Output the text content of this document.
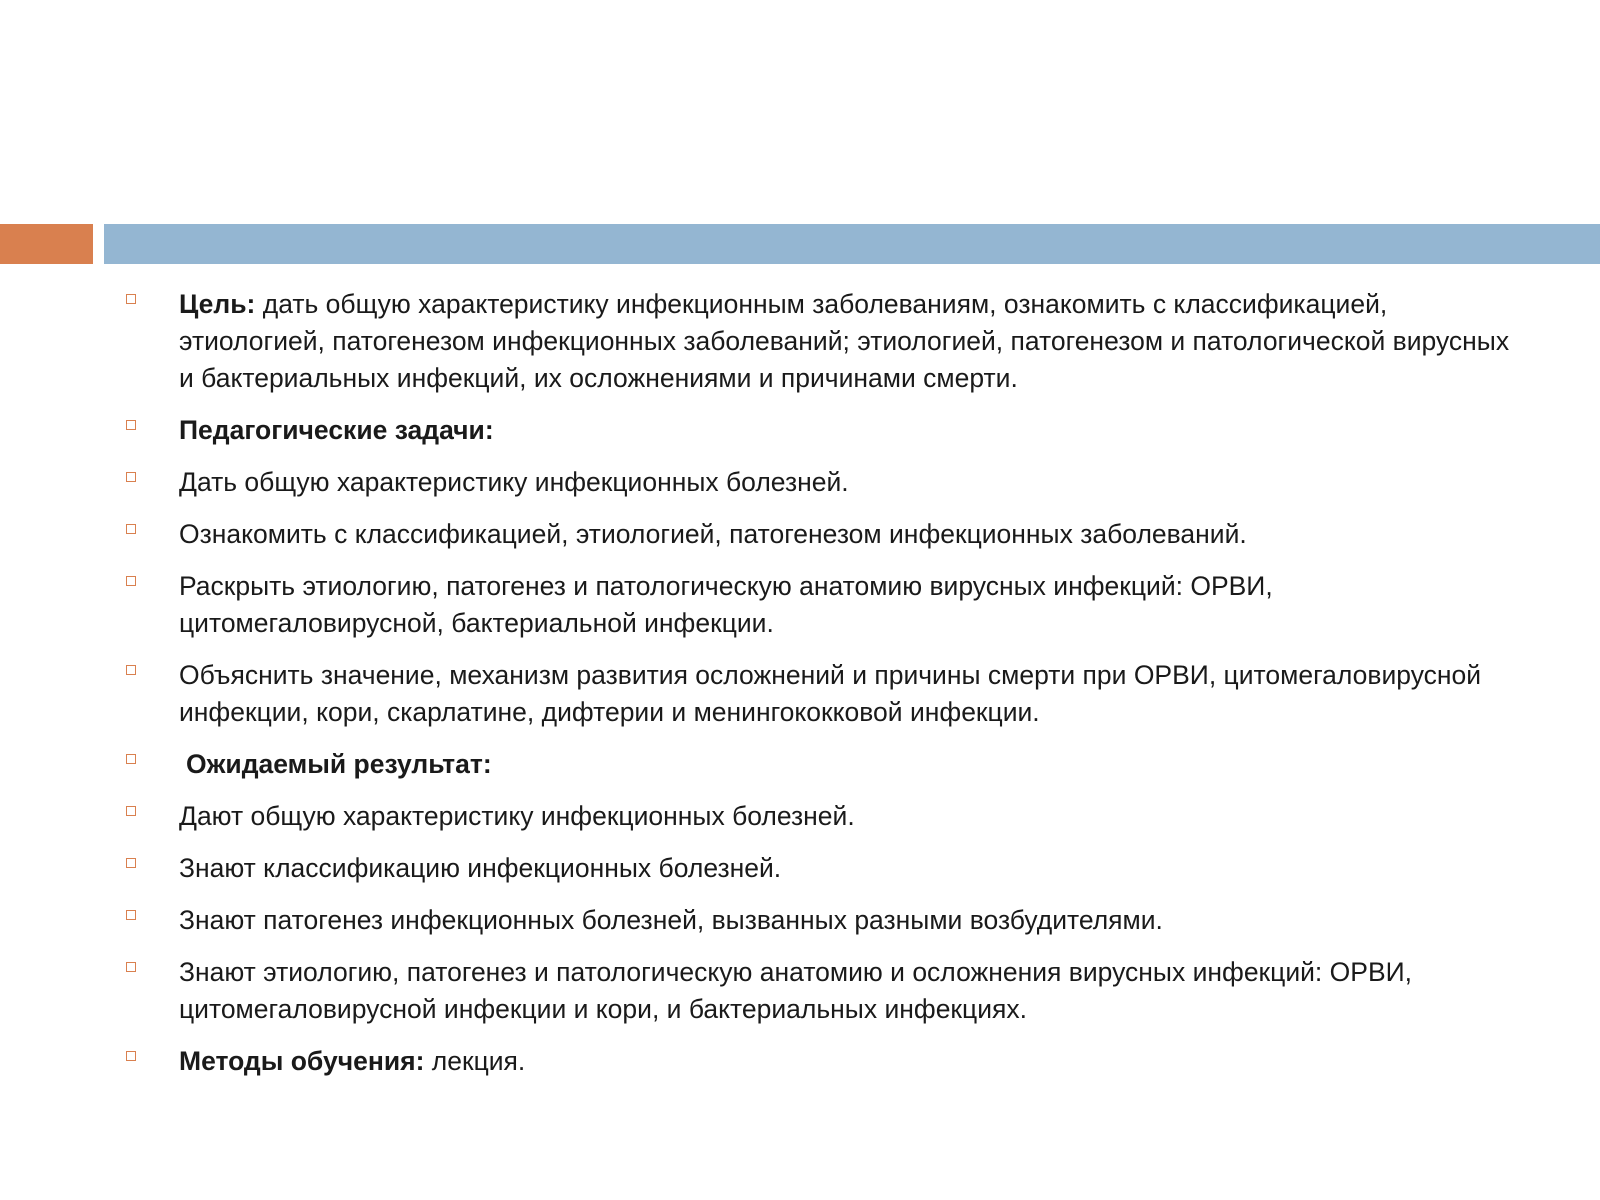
Цель: дать общую характеристику инфекционным заболеваниям, ознакомить с классификацией, этиологией, патогенезом инфекционных заболеваний; этиологией, патогенезом и патологической вирусных и бактериальных инфекций, их осложнениями и причинами смерти.
Педагогические задачи:
Дать общую характеристику инфекционных болезней.
Ознакомить с классификацией, этиологией, патогенезом инфекционных заболеваний.
Раскрыть этиологию, патогенез и патологическую анатомию вирусных инфекций: ОРВИ, цитомегаловирусной, бактериальной инфекции.
Объяснить значение, механизм развития осложнений и причины смерти при ОРВИ, цитомегаловирусной инфекции, кори, скарлатине, дифтерии и менингококковой инфекции.
Ожидаемый результат:
Дают общую характеристику инфекционных болезней.
Знают классификацию инфекционных болезней.
Знают патогенез инфекционных болезней, вызванных разными возбудителями.
Знают этиологию, патогенез и патологическую анатомию и осложнения вирусных инфекций: ОРВИ, цитомегаловирусной инфекции и кори, и бактериальных инфекциях.
Методы обучения: лекция.
